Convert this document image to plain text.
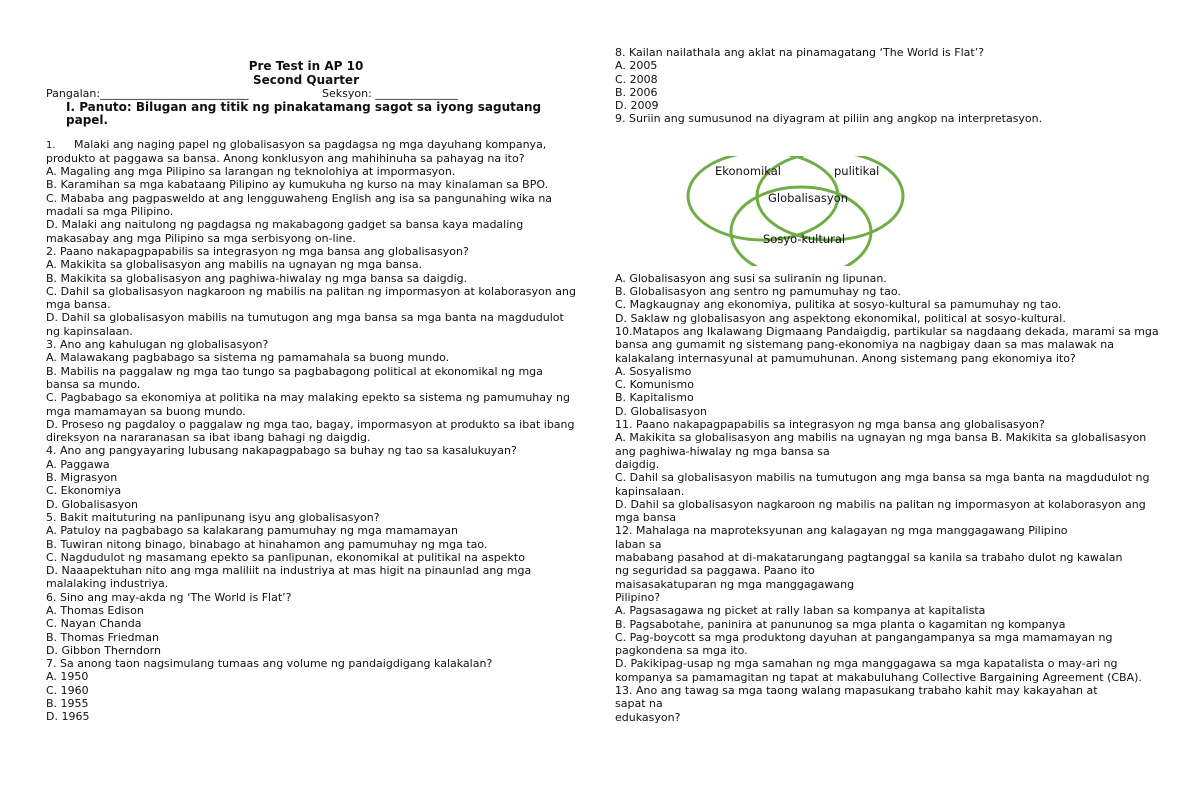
Pre Test in AP 10
Second Quarter
Pangalan:___________________________	Seksyon: _______________
I. Panuto: Bilugan ang titik ng pinakatamang sagot sa iyong sagutang papel.

1. Malaki ang naging papel ng globalisasyon sa pagdagsa ng mga dayuhang kompanya, produkto at paggawa sa bansa. Anong konklusyon ang mahihinuha sa pahayag na ito?

A. Magaling ang mga Pilipino sa larangan ng teknolohiya at impormasyon.

B. Karamihan sa mga kabataang Pilipino ay kumukuha ng kurso na may kinalaman sa BPO.

C. Mababa ang pagpasweldo at ang lengguwaheng English ang isa sa pangunahing wika na madali sa mga Pilipino.

D. Malaki ang naitulong ng pagdagsa ng makabagong gadget sa bansa kaya madaling makasabay ang mga Pilipino sa mga serbisyong on-line.

2. Paano nakapagpapabilis sa integrasyon ng mga bansa ang globalisasyon?

A. Makikita sa globalisasyon ang mabilis na ugnayan ng mga bansa.

B. Makikita sa globalisasyon ang paghiwa-hiwalay ng mga bansa sa daigdig.

C. Dahil sa globalisasyon nagkaroon ng mabilis na palitan ng impormasyon at kolaborasyon ang mga bansa.

D. Dahil sa globalisasyon mabilis na tumutugon ang mga bansa sa mga banta na magdudulot ng kapinsalaan.

3. Ano ang kahulugan ng globalisasyon?

A. Malawakang pagbabago sa sistema ng pamamahala sa buong mundo.

B. Mabilis na paggalaw ng mga tao tungo sa pagbabagong political at ekonomikal ng mga bansa sa mundo.

C. Pagbabago sa ekonomiya at politika na may malaking epekto sa sistema ng pamumuhay ng mga mamamayan sa buong mundo.

D. Proseso ng pagdaloy o paggalaw ng mga tao, bagay, impormasyon at produkto sa ibat ibang direksyon na nararanasan sa ibat ibang bahagi ng daigdig.

4. Ano ang pangyayaring lubusang nakapagpabago sa buhay ng tao sa kasalukuyan?

A. Paggawa

B. Migrasyon

C. Ekonomiya

D. Globalisasyon

5. Bakit maituturing na panlipunang isyu ang globalisasyon?

A. Patuloy na pagbabago sa kalakarang pamumuhay ng mga mamamayan

B. Tuwiran nitong binago, binabago at hinahamon ang pamumuhay ng mga tao.

C. Nagdudulot ng masamang epekto sa panlipunan, ekonomikal at pulitikal na aspekto

D. Naaapektuhan nito ang mga maliliit na industriya at mas higit na pinaunlad ang mga malalaking industriya.

6. Sino ang may-akda ng ‘The World is Flat’?

A. Thomas Edison

C. Nayan Chanda

B. Thomas Friedman

D. Gibbon Therndorn

7. Sa anong taon nagsimulang tumaas ang volume ng pandaigdigang kalakalan?

A. 1950

C. 1960

B. 1955

D. 1965

8. Kailan nailathala ang aklat na pinamagatang ‘The World is Flat’?

A. 2005

C. 2008

B. 2006

D. 2009

9. Suriin ang sumusunod na diyagram at piliin ang angkop na interpretasyon.

Ekonomikal	pulitikal
Globalisasyon
Sosyo-kultural

A. Globalisasyon ang susi sa suliranin ng lipunan.

B. Globalisasyon ang sentro ng pamumuhay ng tao.

C. Magkaugnay ang ekonomiya, pulitika at sosyo-kultural sa pamumuhay ng tao.

D. Saklaw ng globalisasyon ang aspektong ekonomikal, political at sosyo-kultural.

10.Matapos ang Ikalawang Digmaang Pandaigdig, partikular sa nagdaang dekada, marami sa mga bansa ang gumamit ng sistemang pang-ekonomiya na nagbigay daan sa mas malawak na kalakalang internasyunal at pamumuhunan. Anong sistemang pang ekonomiya ito?

A. Sosyalismo

C. Komunismo

B. Kapitalismo

D. Globalisasyon

11. Paano nakapagpapabilis sa integrasyon ng mga bansa ang globalisasyon?

A. Makikita sa globalisasyon ang mabilis na ugnayan ng mga bansa B. Makikita sa globalisasyon ang paghiwa-hiwalay ng mga bansa sa

daigdig.

C. Dahil sa globalisasyon mabilis na tumutugon ang mga bansa sa mga banta na magdudulot ng kapinsalaan.

D. Dahil sa globalisasyon nagkaroon ng mabilis na palitan ng impormasyon at kolaborasyon ang mga bansa

12. Mahalaga na maproteksyunan ang kalagayan ng mga manggagawang Pilipino

laban sa

mababang pasahod at di-makatarungang pagtanggal sa kanila sa trabaho dulot ng kawalan

ng seguridad sa paggawa. Paano ito

maisasakatuparan ng mga manggagawang

Pilipino?

A. Pagsasagawa ng picket at rally laban sa kompanya at kapitalista

B. Pagsabotahe, paninira at panununog sa mga planta o kagamitan ng kompanya

C. Pag-boycott sa mga produktong dayuhan at pangangampanya sa mga mamamayan ng pagkondena sa mga ito.

D. Pakikipag-usap ng mga samahan ng mga manggagawa sa mga kapatalista o may-ari ng kompanya sa pamamagitan ng tapat at makabuluhang Collective Bargaining Agreement (CBA).

13. Ano ang tawag sa mga taong walang mapasukang trabaho kahit may kakayahan at

sapat na

edukasyon?
